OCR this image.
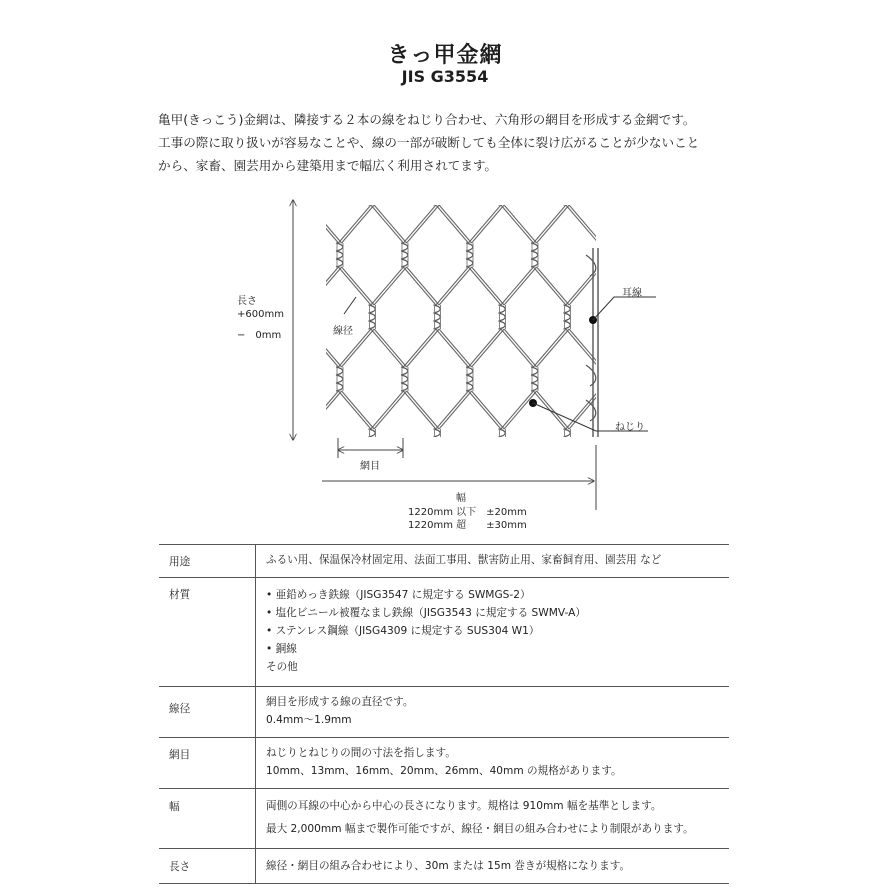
きっ甲金網
JIS G3554

亀甲(きっこう)金網は、隣接する２本の線をねじり合わせ、六角形の網目を形成する金網です。

工事の際に取り扱いが容易なことや、線の一部が破断しても全体に裂け広がることが少ないこと

から、家畜、園芸用から建築用まで幅広く利用されてます。

長さ
+600mm
−　0mm	線径
耳線
ねじり
網目
幅
1220mm 以下　±20mm
1220mm 超　　±30mm
用途	ふるい用、保温保冷材固定用、法面工事用、獣害防止用、家畜飼育用、園芸用 など

材質	• 亜鉛めっき鉄線（JISG3547 に規定する SWMGS-2）
• 塩化ビニール被覆なまし鉄線（JISG3543 に規定する SWMV-A）
• ステンレス鋼線（JISG4309 に規定する SUS304 W1）
• 銅線
その他

線径	網目を形成する線の直径です。
0.4mm〜1.9mm

網目	ねじりとねじりの間の寸法を指します。
10mm、13mm、16mm、20mm、26mm、40mm の規格があります。

幅	両側の耳線の中心から中心の長さになります。規格は 910mm 幅を基準とします。
最大 2,000mm 幅まで製作可能ですが、線径・網目の組み合わせにより制限があります。

長さ	線径・網目の組み合わせにより、30m または 15m 巻きが規格になります。
